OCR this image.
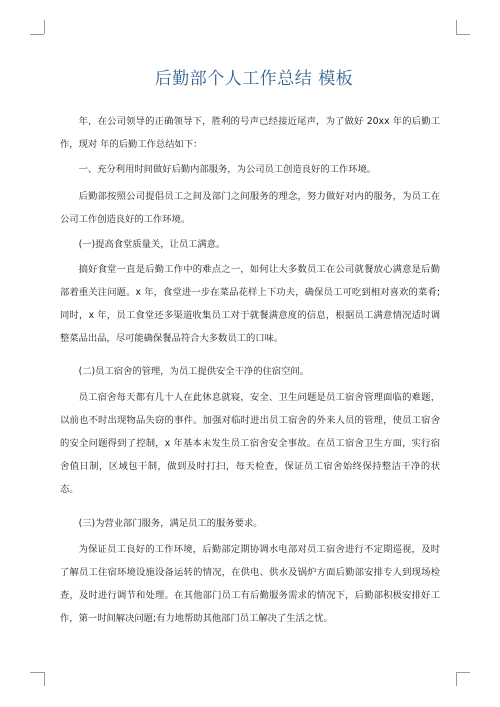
后勤部个人工作总结 模板

年，在公司领导的正确领导下，胜利的号声已经接近尾声，为了做好 20xx 年的后勤工作，现对 年的后勤工作总结如下：

一、充分利用时间做好后勤内部服务，为公司员工创造良好的工作环境。

后勤部按照公司提倡员工之间及部门之间服务的理念，努力做好对内的服务，为员工在公司工作创造良好的工作环境。

(一)提高食堂质量关，让员工满意。

搞好食堂一直是后勤工作中的难点之一，如何让大多数员工在公司就餐放心满意是后勤部着重关注问题。x 年，食堂进一步在菜品花样上下功夫，确保员工可吃到相对喜欢的菜肴;同时，x 年，员工食堂还多渠道收集员工对于就餐满意度的信息，根据员工满意情况适时调整菜品出品，尽可能确保餐品符合大多数员工的口味。

(二)员工宿舍的管理，为员工提供安全干净的住宿空间。

员工宿舍每天都有几十人在此休息就寝，安全、卫生问题是员工宿舍管理面临的难题，以前也不时出现物品失窃的事件。加强对临时进出员工宿舍的外来人员的管理，使员工宿舍的安全问题得到了控制，x 年基本未发生员工宿舍安全事故。在员工宿舍卫生方面，实行宿舍值日制，区域包干制，做到及时打扫，每天检查，保证员工宿舍始终保持整洁干净的状态。

(三)为营业部门服务，满足员工的服务要求。

为保证员工良好的工作环境，后勤部定期协调水电部对员工宿舍进行不定期巡视，及时了解员工住宿环境设施设备运转的情况，在供电、供水及锅炉方面后勤部安排专人到现场检查，及时进行调节和处理。在其他部门员工有后勤服务需求的情况下，后勤部积极安排好工作，第一时间解决问题;有力地帮助其他部门员工解决了生活之忧。
